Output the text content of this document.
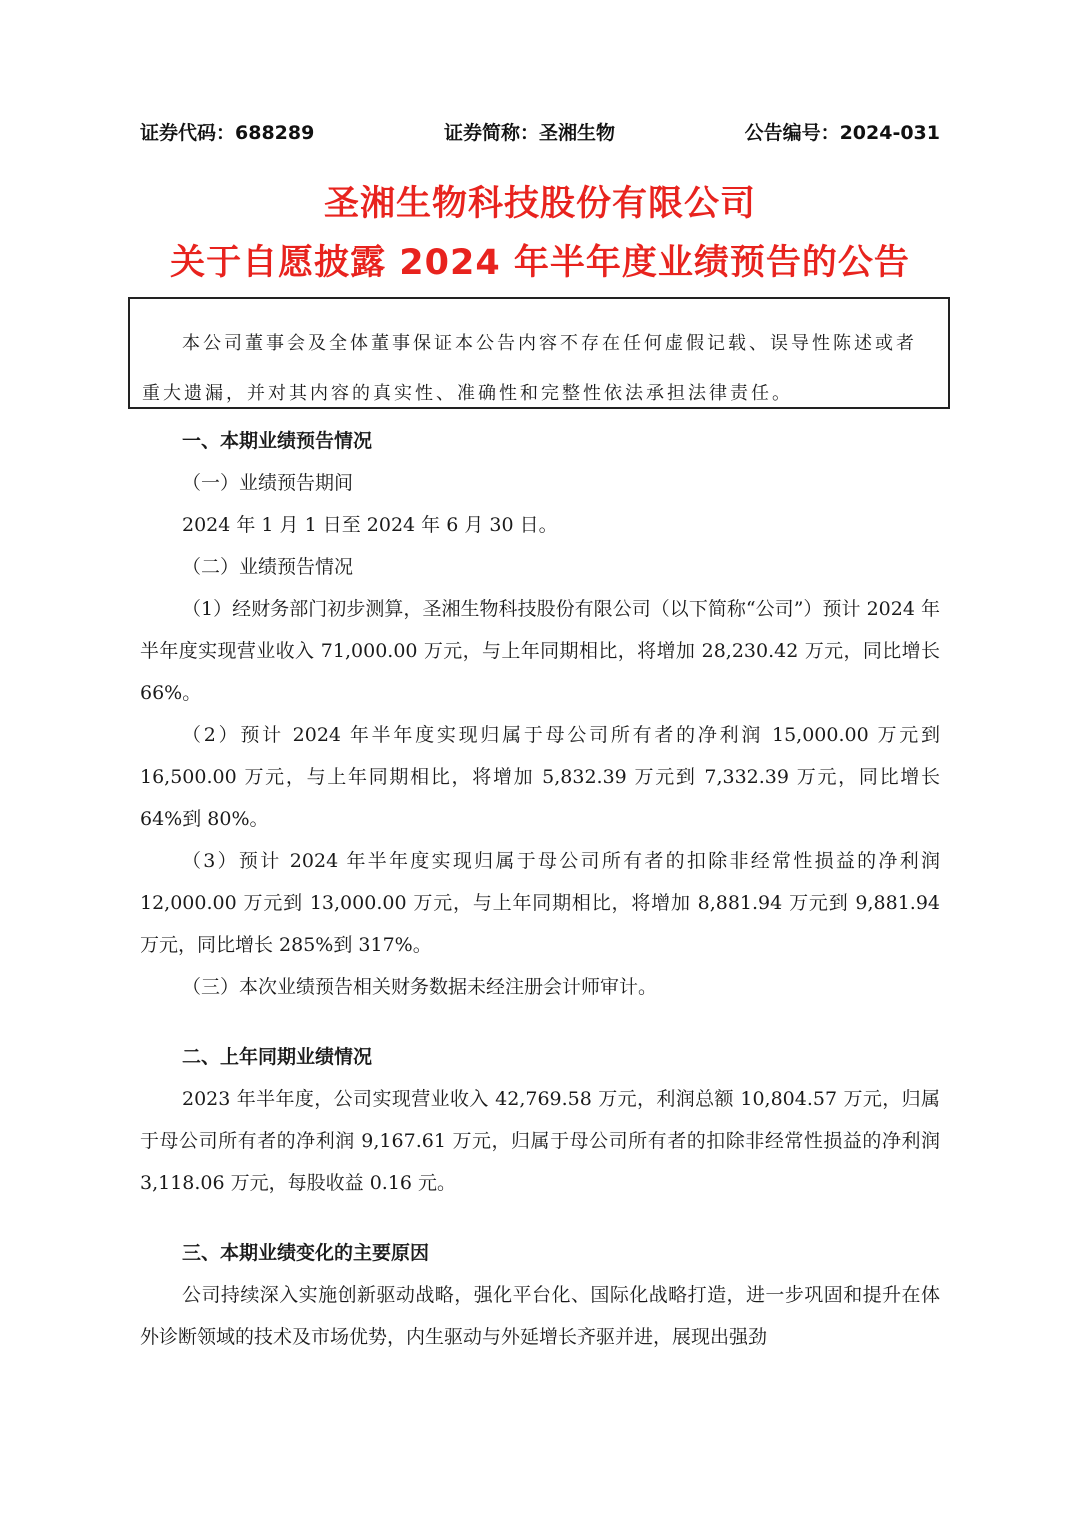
证券代码：688289	证券简称：圣湘生物	公告编号：2024-031
圣湘生物科技股份有限公司
关于自愿披露 2024 年半年度业绩预告的公告

本公司董事会及全体董事保证本公告内容不存在任何虚假记载、误导性陈述或者重大遗漏，并对其内容的真实性、准确性和完整性依法承担法律责任。

一、本期业绩预告情况

（一）业绩预告期间

2024 年 1 月 1 日至 2024 年 6 月 30 日。

（二）业绩预告情况

（1）经财务部门初步测算，圣湘生物科技股份有限公司（以下简称“公司”）预计 2024 年半年度实现营业收入 71,000.00 万元，与上年同期相比，将增加 28,230.42 万元，同比增长 66%。

（2）预计 2024 年半年度实现归属于母公司所有者的净利润 15,000.00 万元到 16,500.00 万元，与上年同期相比，将增加 5,832.39 万元到 7,332.39 万元，同比增长 64%到 80%。

（3）预计 2024 年半年度实现归属于母公司所有者的扣除非经常性损益的净利润 12,000.00 万元到 13,000.00 万元，与上年同期相比，将增加 8,881.94 万元到 9,881.94 万元，同比增长 285%到 317%。

（三）本次业绩预告相关财务数据未经注册会计师审计。

二、上年同期业绩情况

2023 年半年度，公司实现营业收入 42,769.58 万元，利润总额 10,804.57 万元，归属于母公司所有者的净利润 9,167.61 万元，归属于母公司所有者的扣除非经常性损益的净利润 3,118.06 万元，每股收益 0.16 元。

三、本期业绩变化的主要原因

公司持续深入实施创新驱动战略，强化平台化、国际化战略打造，进一步巩固和提升在体外诊断领域的技术及市场优势，内生驱动与外延增长齐驱并进，展现出强劲
